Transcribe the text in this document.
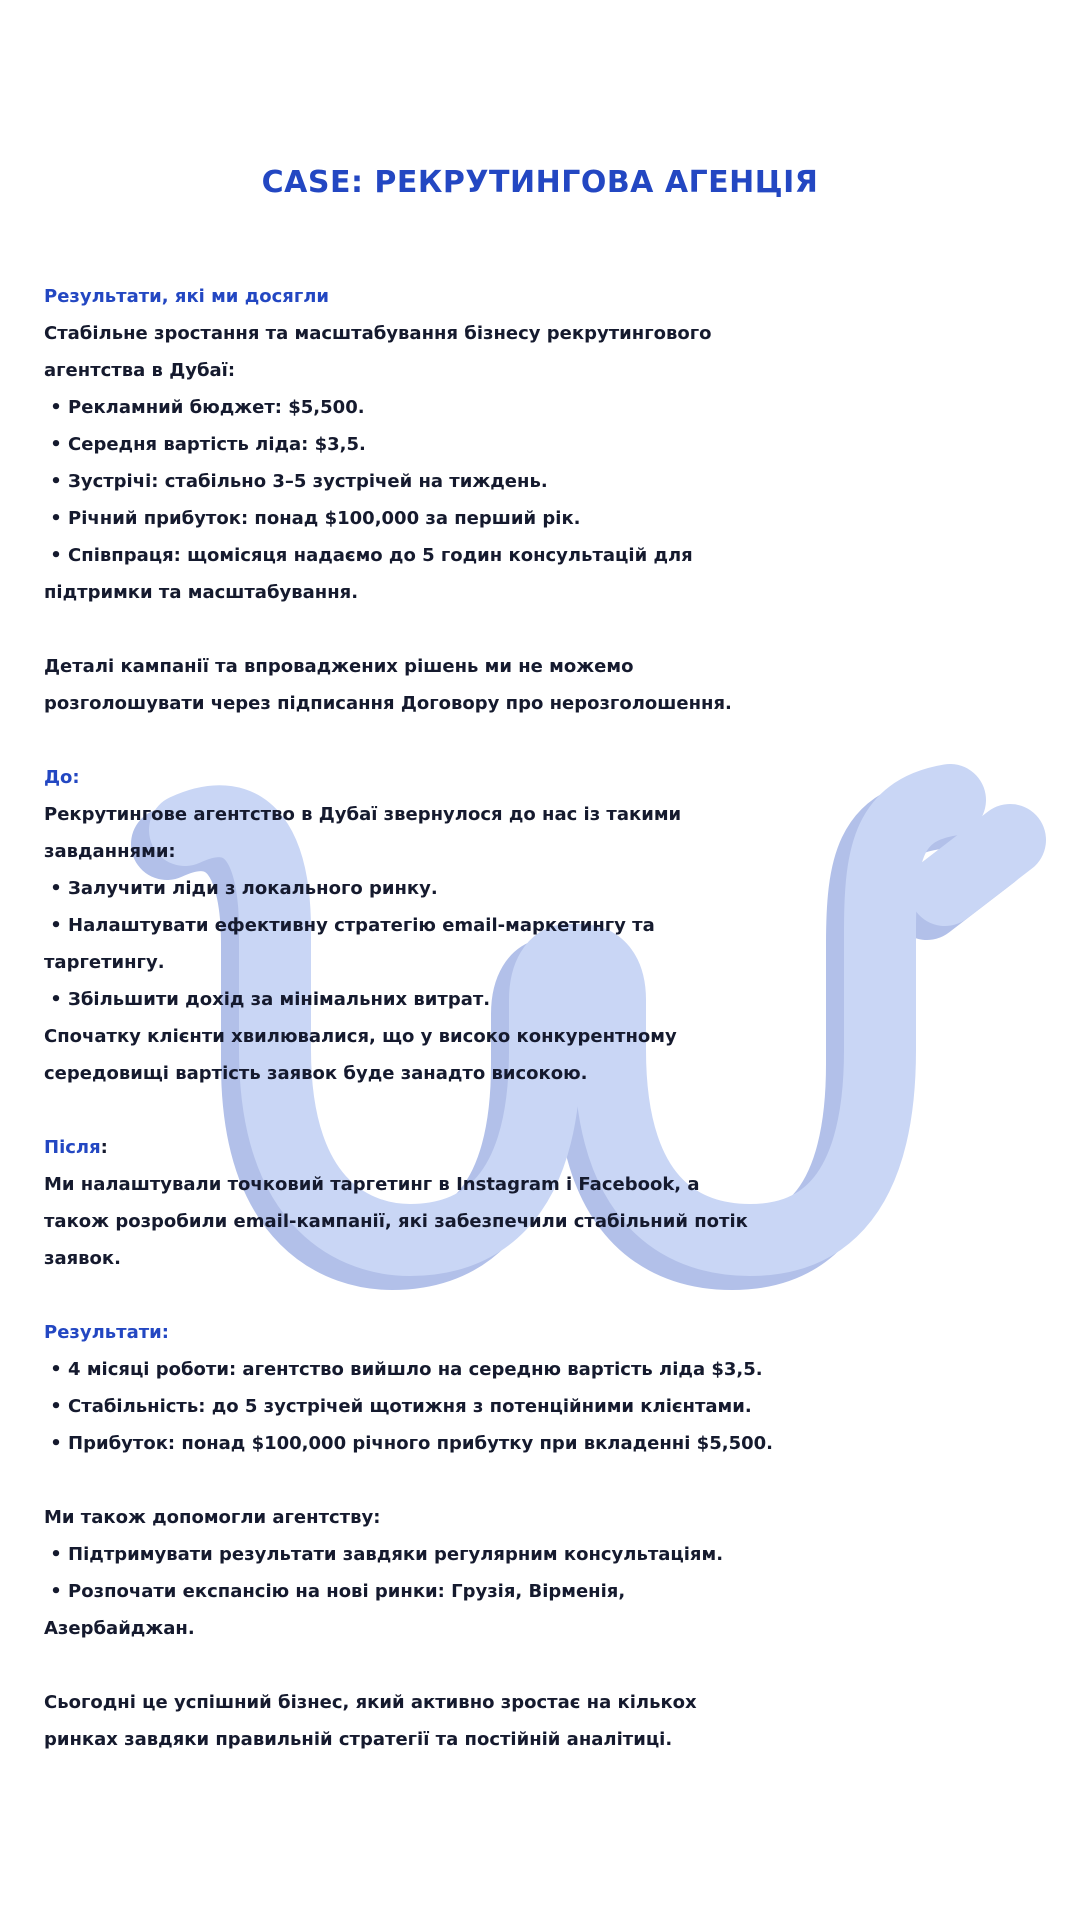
CASE: РЕКРУТИНГОВА АГЕНЦІЯ
Результати, які ми досягли
Стабільне зростання та масштабування бізнесу рекрутингового
агентства в Дубаї:
• Рекламний бюджет: $5,500.
• Середня вартість ліда: $3,5.
• Зустрічі: стабільно 3–5 зустрічей на тиждень.
• Річний прибуток: понад $100,000 за перший рік.
• Співпраця: щомісяця надаємо до 5 годин консультацій для
підтримки та масштабування.
Деталі кампанії та впроваджених рішень ми не можемо
розголошувати через підписання Договору про нерозголошення.
До:
Рекрутингове агентство в Дубаї звернулося до нас із такими
завданнями:
• Залучити ліди з локального ринку.
• Налаштувати ефективну стратегію email-маркетингу та
таргетингу.
• Збільшити дохід за мінімальних витрат.
Спочатку клієнти хвилювалися, що у високо конкурентному
середовищі вартість заявок буде занадто високою.
Після:
Ми налаштували точковий таргетинг в Instagram і Facebook, а
також розробили email-кампанії, які забезпечили стабільний потік
заявок.
Результати:
• 4 місяці роботи: агентство вийшло на середню вартість ліда $3,5.
• Стабільність: до 5 зустрічей щотижня з потенційними клієнтами.
• Прибуток: понад $100,000 річного прибутку при вкладенні $5,500.
Ми також допомогли агентству:
• Підтримувати результати завдяки регулярним консультаціям.
• Розпочати експансію на нові ринки: Грузія, Вірменія,
Азербайджан.
Сьогодні це успішний бізнес, який активно зростає на кількох
ринках завдяки правильній стратегії та постійній аналітиці.
